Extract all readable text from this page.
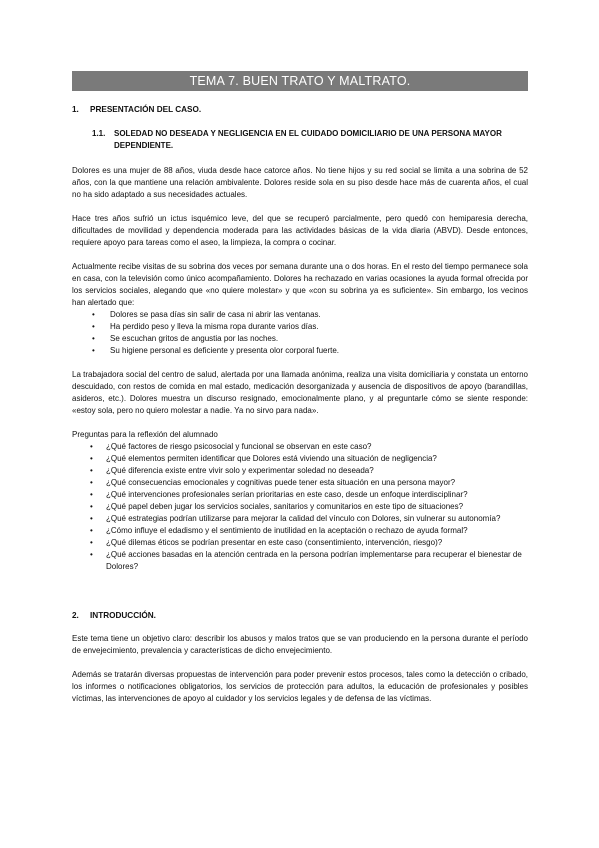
TEMA 7. BUEN TRATO Y MALTRATO.
1.	PRESENTACIÓN DEL CASO.
1.1.	SOLEDAD NO DESEADA Y NEGLIGENCIA EN EL CUIDADO DOMICILIARIO DE UNA PERSONA MAYOR DEPENDIENTE.

Dolores es una mujer de 88 años, viuda desde hace catorce años. No tiene hijos y su red social se limita a una sobrina de 52 años, con la que mantiene una relación ambivalente. Dolores reside sola en su piso desde hace más de cuarenta años, el cual no ha sido adaptado a sus necesidades actuales.

Hace tres años sufrió un ictus isquémico leve, del que se recuperó parcialmente, pero quedó con hemiparesia derecha, dificultades de movilidad y dependencia moderada para las actividades básicas de la vida diaria (ABVD). Desde entonces, requiere apoyo para tareas como el aseo, la limpieza, la compra o cocinar.

Actualmente recibe visitas de su sobrina dos veces por semana durante una o dos horas. En el resto del tiempo permanece sola en casa, con la televisión como único acompañamiento. Dolores ha rechazado en varias ocasiones la ayuda formal ofrecida por los servicios sociales, alegando que «no quiere molestar» y que «con su sobrina ya es suficiente». Sin embargo, los vecinos han alertado que:

• Dolores se pasa días sin salir de casa ni abrir las ventanas.
• Ha perdido peso y lleva la misma ropa durante varios días.
• Se escuchan gritos de angustia por las noches.
• Su higiene personal es deficiente y presenta olor corporal fuerte.

La trabajadora social del centro de salud, alertada por una llamada anónima, realiza una visita domiciliaria y constata un entorno descuidado, con restos de comida en mal estado, medicación desorganizada y ausencia de dispositivos de apoyo (barandillas, asideros, etc.). Dolores muestra un discurso resignado, emocionalmente plano, y al preguntarle cómo se siente responde: «estoy sola, pero no quiero molestar a nadie. Ya no sirvo para nada».

Preguntas para la reflexión del alumnado
• ¿Qué factores de riesgo psicosocial y funcional se observan en este caso?
• ¿Qué elementos permiten identificar que Dolores está viviendo una situación de negligencia?
• ¿Qué diferencia existe entre vivir solo y experimentar soledad no deseada?
• ¿Qué consecuencias emocionales y cognitivas puede tener esta situación en una persona mayor?
• ¿Qué intervenciones profesionales serían prioritarias en este caso, desde un enfoque interdisciplinar?
• ¿Qué papel deben jugar los servicios sociales, sanitarios y comunitarios en este tipo de situaciones?
• ¿Qué estrategias podrían utilizarse para mejorar la calidad del vínculo con Dolores, sin vulnerar su autonomía?
• ¿Cómo influye el edadismo y el sentimiento de inutilidad en la aceptación o rechazo de ayuda formal?
• ¿Qué dilemas éticos se podrían presentar en este caso (consentimiento, intervención, riesgo)?
• ¿Qué acciones basadas en la atención centrada en la persona podrían implementarse para recuperar el bienestar de Dolores?
2.	INTRODUCCIÓN.

Este tema tiene un objetivo claro: describir los abusos y malos tratos que se van produciendo en la persona durante el período de envejecimiento, prevalencia y características de dicho envejecimiento.

Además se tratarán diversas propuestas de intervención para poder prevenir estos procesos, tales como la detección o cribado, los informes o notificaciones obligatorios, los servicios de protección para adultos, la educación de profesionales y posibles víctimas, las intervenciones de apoyo al cuidador y los servicios legales y de defensa de las víctimas.
